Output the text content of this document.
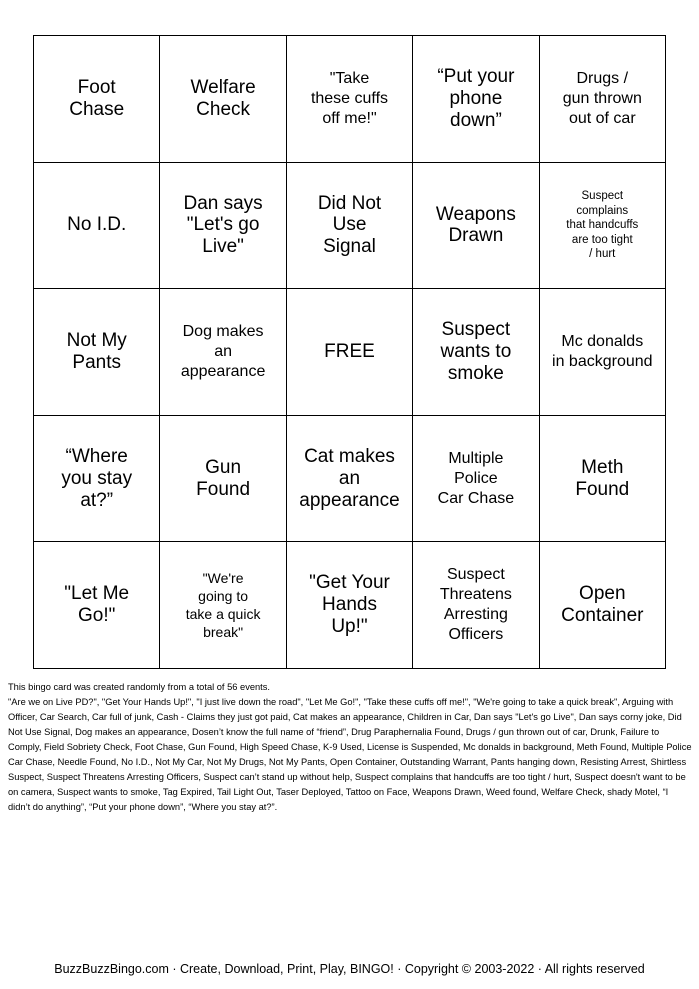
Foot
Chase
Welfare
Check
"Take
these cuffs
off me!"
“Put your
phone
down”
Drugs /
gun thrown
out of car
No I.D.
Dan says
"Let's go
Live"
Did Not
Use
Signal
Weapons
Drawn
Suspect
complains
that handcuffs
are too tight
/ hurt
Not My
Pants
Dog makes
an
appearance
FREE
Suspect
wants to
smoke
Mc donalds
in background
“Where
you stay
at?”
Gun
Found
Cat makes
an
appearance
Multiple
Police
Car Chase
Meth
Found
"Let Me
Go!"
"We're
going to
take a quick
break"
"Get Your
Hands
Up!"
Suspect
Threatens
Arresting
Officers
Open
Container

This bingo card was created randomly from a total of 56 events.

"Are we on Live PD?", "Get Your Hands Up!", "I just live down the road", "Let Me Go!", "Take these cuffs off me!", "We're going to take a quick break", Arguing with Officer, Car Search, Car full of junk, Cash - Claims they just got paid, Cat makes an appearance, Children in Car, Dan says "Let's go Live", Dan says corny joke, Did Not Use Signal, Dog makes an appearance, Dosen’t know the full name of “friend”, Drug Paraphernalia Found, Drugs / gun thrown out of car, Drunk, Failure to Comply, Field Sobriety Check, Foot Chase, Gun Found, High Speed Chase, K-9 Used, License is Suspended, Mc donalds in background, Meth Found, Multiple Police Car Chase, Needle Found, No I.D., Not My Car, Not My Drugs, Not My Pants, Open Container, Outstanding Warrant, Pants hanging down, Resisting Arrest, Shirtless Suspect, Suspect Threatens Arresting Officers, Suspect can’t stand up without help, Suspect complains that handcuffs are too tight / hurt, Suspect doesn't want to be on camera, Suspect wants to smoke, Tag Expired, Tail Light Out, Taser Deployed, Tattoo on Face, Weapons Drawn, Weed found, Welfare Check, shady Motel, “I didn’t do anything”, “Put your phone down”, “Where you stay at?”.

BuzzBuzzBingo.com · Create, Download, Print, Play, BINGO! · Copyright © 2003-2022 · All rights reserved
